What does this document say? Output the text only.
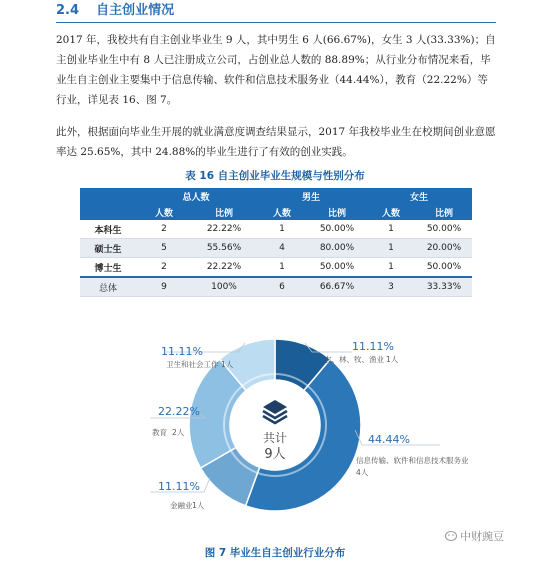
2.4 自主创业情况
2017 年，我校共有自主创业毕业生 9 人，其中男生 6 人(66.67%)，女生 3 人(33.33%)；自主创业毕业生中有 8 人已注册成立公司，占创业总人数的 88.89%；从行业分布情况来看，毕业生自主创业主要集中于信息传输、软件和信息技术服务业（44.44%），教育（22.22%）等行业，详见表 16、图 7。
此外，根据面向毕业生开展的就业满意度调查结果显示，2017 年我校毕业生在校期间创业意愿率达 25.65%，其中 24.88%的毕业生进行了有效的创业实践。
表 16 自主创业毕业生规模与性别分布
	总人数		男生		女生	
	人数	比例	人数	比例	人数	比例
本科生	2	22.22%	1	50.00%	1	50.00%
硕士生	5	55.56%	4	80.00%	1	20.00%
博士生	2	22.22%	1	50.00%	1	50.00%
总体	9	100%	6	66.67%	3	33.33%
共计
9人
11.11%
卫生和社会工作 1人
22.22%
教育 2人
11.11%
金融业 1人
11.11%
农、林、牧、渔业 1人
44.44%
信息传输、软件和信息技术服务业
4人
图 7 毕业生自主创业行业分布
中财豌豆
